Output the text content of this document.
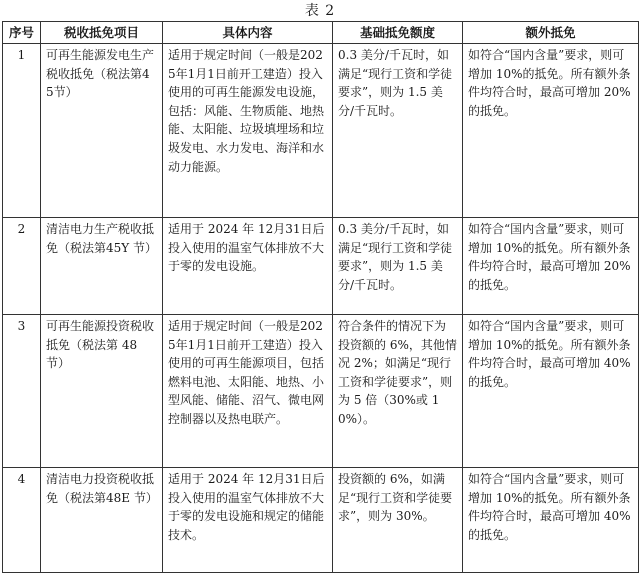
表 2
序号	税收抵免项目	具体内容	基础抵免额度	额外抵免
1	可再生能源发电生产税收抵免（税法第45节）	适用于规定时间（一般是2025年1月1日前开工建造）投入使用的可再生能源发电设施，包括：风能、生物质能、地热能、太阳能、垃圾填埋场和垃圾发电、水力发电、海洋和水动力能源。	0.3 美分/千瓦时，如满足“现行工资和学徒要求”，则为 1.5 美分/千瓦时。	如符合“国内含量”要求，则可增加 10%的抵免。所有额外条件均符合时，最高可增加 20%的抵免。
2	清洁电力生产税收抵免（税法第45Y 节）	适用于 2024 年 12月31日后投入使用的温室气体排放不大于零的发电设施。	0.3 美分/千瓦时，如满足“现行工资和学徒要求”，则为 1.5 美分/千瓦时。	如符合“国内含量”要求，则可增加 10%的抵免。所有额外条件均符合时，最高可增加 20%的抵免。
3	可再生能源投资税收抵免（税法第 48 节）	适用于规定时间（一般是2025年1月1日前开工建造）投入使用的可再生能源项目，包括燃料电池、太阳能、地热、小型风能、储能、沼气、微电网控制器以及热电联产。	符合条件的情况下为投资额的 6%，其他情况 2%；如满足“现行工资和学徒要求”，则为 5 倍（30%或 10%）。	如符合“国内含量”要求，则可增加 10%的抵免。所有额外条件均符合时，最高可增加 40%的抵免。
4	清洁电力投资税收抵免（税法第48E 节）	适用于 2024 年 12月31日后投入使用的温室气体排放不大于零的发电设施和规定的储能技术。	投资额的 6%，如满足“现行工资和学徒要求”，则为 30%。	如符合“国内含量”要求，则可增加 10%的抵免。所有额外条件均符合时，最高可增加 40%的抵免。
